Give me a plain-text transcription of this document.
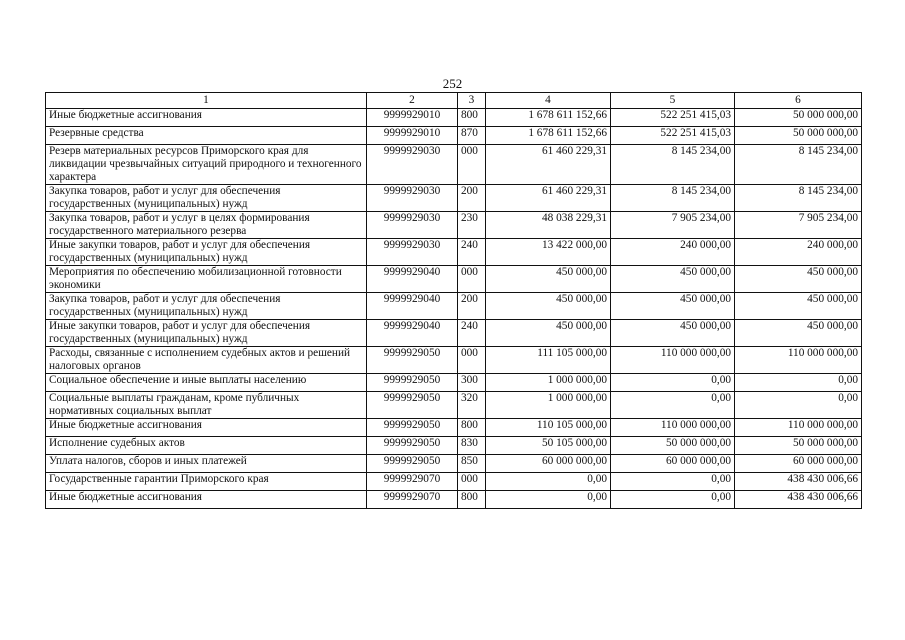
252
1	2	3	4	5	6
Иные бюджетные ассигнования	9999929010	800	1 678 611 152,66	522 251 415,03	50 000 000,00
Резервные средства	9999929010	870	1 678 611 152,66	522 251 415,03	50 000 000,00
Резерв материальных ресурсов Приморского края для ликвидации чрезвычайных ситуаций природного и техногенного характера	9999929030	000	61 460 229,31	8 145 234,00	8 145 234,00
Закупка товаров, работ и услуг для обеспечения государственных (муниципальных) нужд	9999929030	200	61 460 229,31	8 145 234,00	8 145 234,00
Закупка товаров, работ и услуг в целях формирования государственного материального резерва	9999929030	230	48 038 229,31	7 905 234,00	7 905 234,00
Иные закупки товаров, работ и услуг для обеспечения государственных (муниципальных) нужд	9999929030	240	13 422 000,00	240 000,00	240 000,00
Мероприятия по обеспечению мобилизационной готовности экономики	9999929040	000	450 000,00	450 000,00	450 000,00
Закупка товаров, работ и услуг для обеспечения государственных (муниципальных) нужд	9999929040	200	450 000,00	450 000,00	450 000,00
Иные закупки товаров, работ и услуг для обеспечения государственных (муниципальных) нужд	9999929040	240	450 000,00	450 000,00	450 000,00
Расходы, связанные с исполнением судебных актов и решений налоговых органов	9999929050	000	111 105 000,00	110 000 000,00	110 000 000,00
Социальное обеспечение и иные выплаты населению	9999929050	300	1 000 000,00	0,00	0,00
Социальные выплаты гражданам, кроме публичных нормативных социальных выплат	9999929050	320	1 000 000,00	0,00	0,00
Иные бюджетные ассигнования	9999929050	800	110 105 000,00	110 000 000,00	110 000 000,00
Исполнение судебных актов	9999929050	830	50 105 000,00	50 000 000,00	50 000 000,00
Уплата налогов, сборов и иных платежей	9999929050	850	60 000 000,00	60 000 000,00	60 000 000,00
Государственные гарантии Приморского края	9999929070	000	0,00	0,00	438 430 006,66
Иные бюджетные ассигнования	9999929070	800	0,00	0,00	438 430 006,66
